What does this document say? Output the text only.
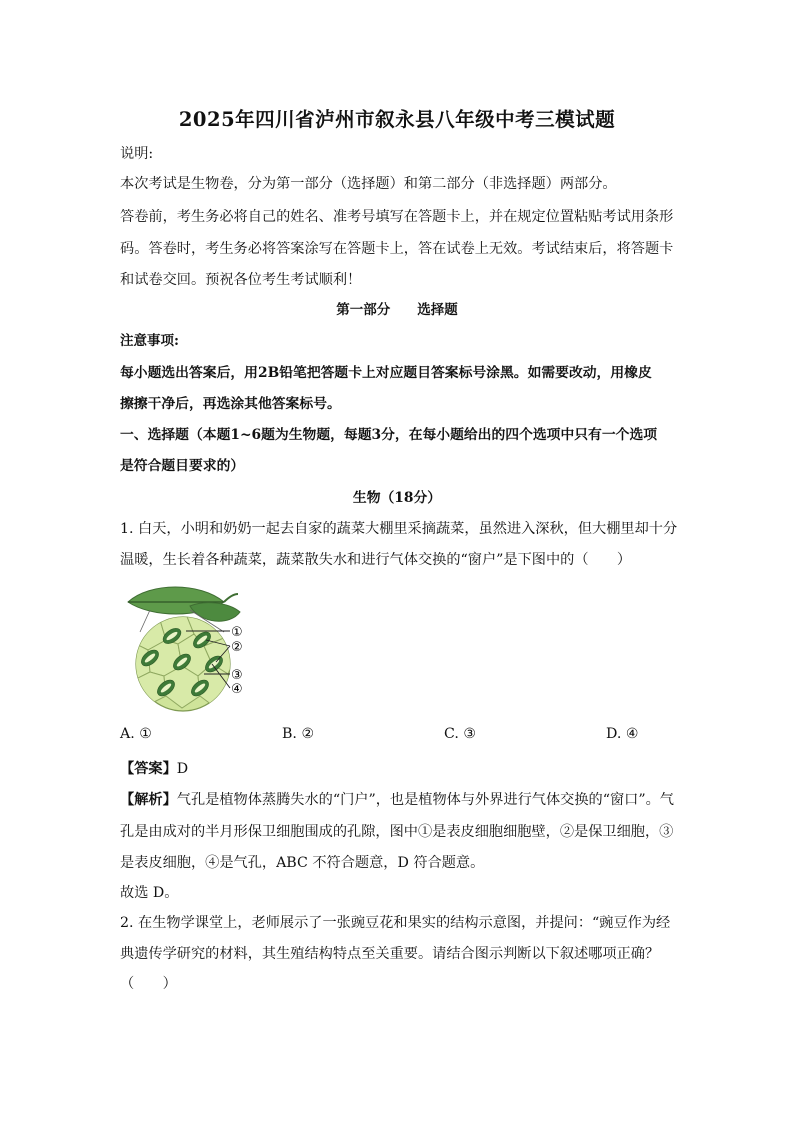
2025年四川省泸州市叙永县八年级中考三模试题
说明:
本次考试是生物卷，分为第一部分（选择题）和第二部分（非选择题）两部分。
答卷前，考生务必将自己的姓名、准考号填写在答题卡上，并在规定位置粘贴考试用条形
码。答卷时，考生务必将答案涂写在答题卡上，答在试卷上无效。考试结束后，将答题卡
和试卷交回。预祝各位考生考试顺利！
第一部分　　选择题
注意事项:
每小题选出答案后，用2B铅笔把答题卡上对应题目答案标号涂黑。如需要改动，用橡皮
擦擦干净后，再选涂其他答案标号。
一、选择题（本题1~6题为生物题，每题3分，在每小题给出的四个选项中只有一个选项
是符合题目要求的）
生物（18分）
1. 白天，小明和奶奶一起去自家的蔬菜大棚里采摘蔬菜，虽然进入深秋，但大棚里却十分
温暖，生长着各种蔬菜，蔬菜散失水和进行气体交换的“窗户”是下图中的（　　）
①
②
③
④
A. ①	B. ②	C. ③	D. ④
【答案】D
【解析】气孔是植物体蒸腾失水的“门户”，也是植物体与外界进行气体交换的“窗口”。气
孔是由成对的半月形保卫细胞围成的孔隙，图中①是表皮细胞细胞壁，②是保卫细胞，③
是表皮细胞，④是气孔，ABC 不符合题意，D 符合题意。
故选 D。
2. 在生物学课堂上，老师展示了一张豌豆花和果实的结构示意图，并提问：“豌豆作为经
典遗传学研究的材料，其生殖结构特点至关重要。请结合图示判断以下叙述哪项正确？
（　　）
